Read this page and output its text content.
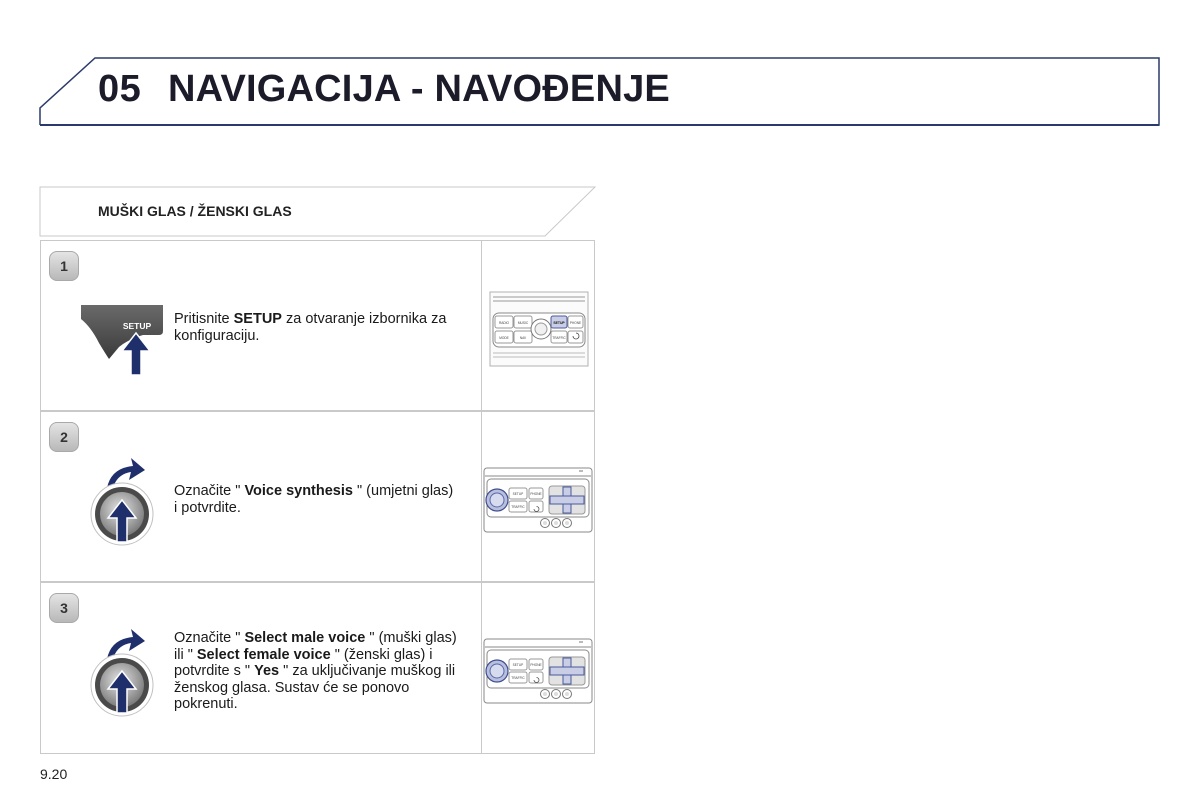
05 NAVIGACIJA - NAVOĐENJE
MUŠKI GLAS / ŽENSKI GLAS
1
SETUP Pritisnite SETUP za otvaranje izbornika za konfiguraciju.
RADIO	MUSIC	SETUP PHONE
MODE	NAV	TRAFFIC
2
Označite " Voice synthesis " (umjetni glas) i potvrdite.
SETUP PHONE
TRAFFIC
3
Označite " Select male voice " (muški glas) ili " Select female voice " (ženski glas) i potvrdite s " Yes " za uključivanje muškog ili ženskog glasa. Sustav će se ponovo pokrenuti.
SETUP PHONE
TRAFFIC
9.20
